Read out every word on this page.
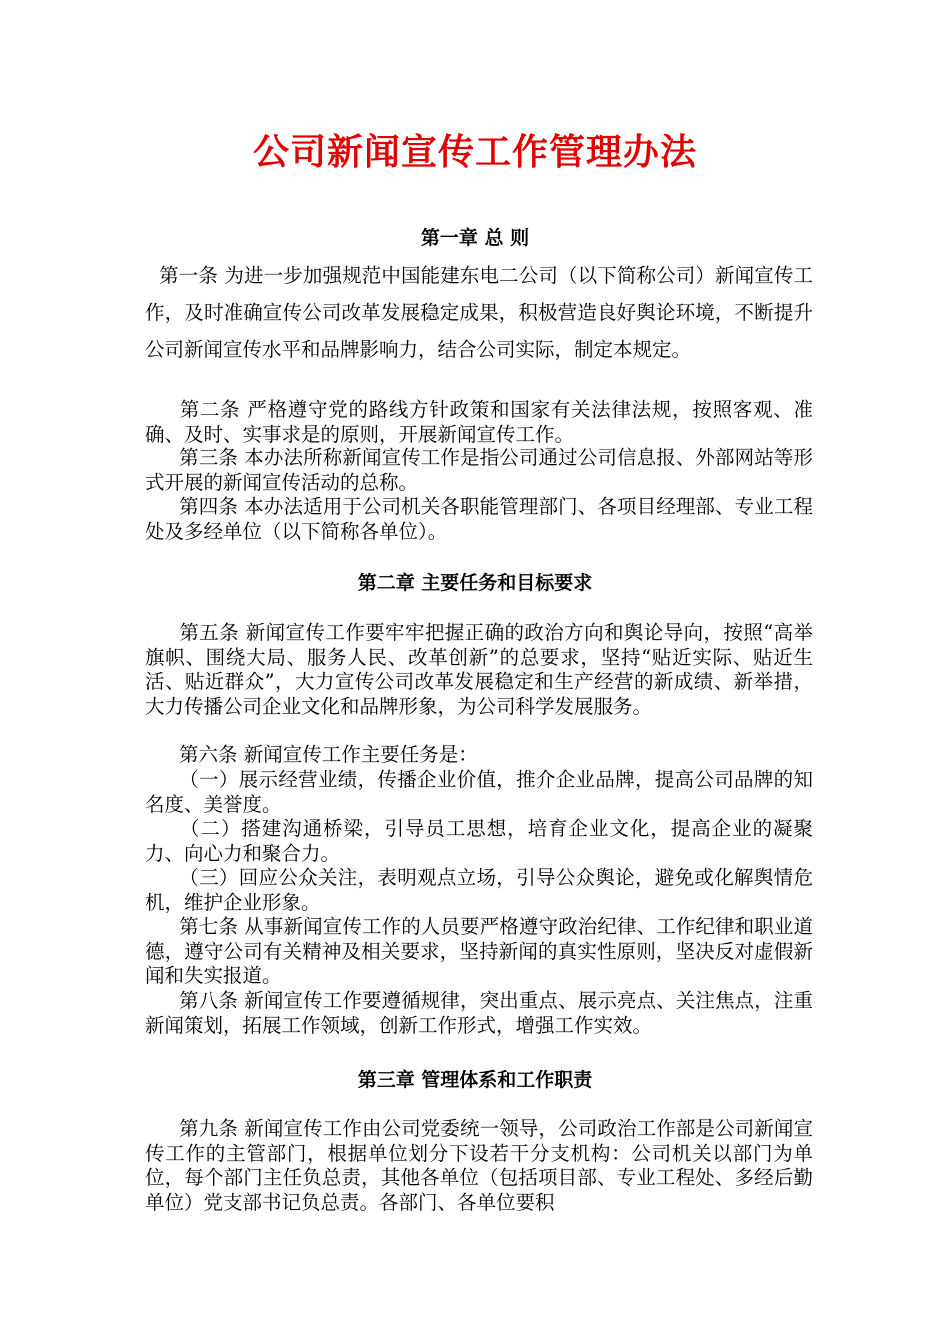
公司新闻宣传工作管理办法
第一章 总 则

第一条 为进一步加强规范中国能建东电二公司（以下简称公司）新闻宣传工作，及时准确宣传公司改革发展稳定成果，积极营造良好舆论环境，不断提升公司新闻宣传水平和品牌影响力，结合公司实际，制定本规定。

第二条 严格遵守党的路线方针政策和国家有关法律法规，按照客观、准确、及时、实事求是的原则，开展新闻宣传工作。

第三条 本办法所称新闻宣传工作是指公司通过公司信息报、外部网站等形式开展的新闻宣传活动的总称。

第四条 本办法适用于公司机关各职能管理部门、各项目经理部、专业工程处及多经单位（以下简称各单位）。

第二章 主要任务和目标要求

第五条 新闻宣传工作要牢牢把握正确的政治方向和舆论导向，按照“高举旗帜、围绕大局、服务人民、改革创新”的总要求，坚持“贴近实际、贴近生活、贴近群众”，大力宣传公司改革发展稳定和生产经营的新成绩、新举措，大力传播公司企业文化和品牌形象，为公司科学发展服务。

第六条 新闻宣传工作主要任务是：

（一）展示经营业绩，传播企业价值，推介企业品牌，提高公司品牌的知名度、美誉度。

（二）搭建沟通桥梁，引导员工思想，培育企业文化，提高企业的凝聚力、向心力和聚合力。

（三）回应公众关注，表明观点立场，引导公众舆论，避免或化解舆情危机，维护企业形象。

第七条 从事新闻宣传工作的人员要严格遵守政治纪律、工作纪律和职业道德，遵守公司有关精神及相关要求，坚持新闻的真实性原则，坚决反对虚假新闻和失实报道。

第八条 新闻宣传工作要遵循规律，突出重点、展示亮点、关注焦点，注重新闻策划，拓展工作领域，创新工作形式，增强工作实效。

第三章 管理体系和工作职责

第九条 新闻宣传工作由公司党委统一领导，公司政治工作部是公司新闻宣传工作的主管部门，根据单位划分下设若干分支机构：公司机关以部门为单位，每个部门主任负总责，其他各单位（包括项目部、专业工程处、多经后勤单位）党支部书记负总责。各部门、各单位要积
